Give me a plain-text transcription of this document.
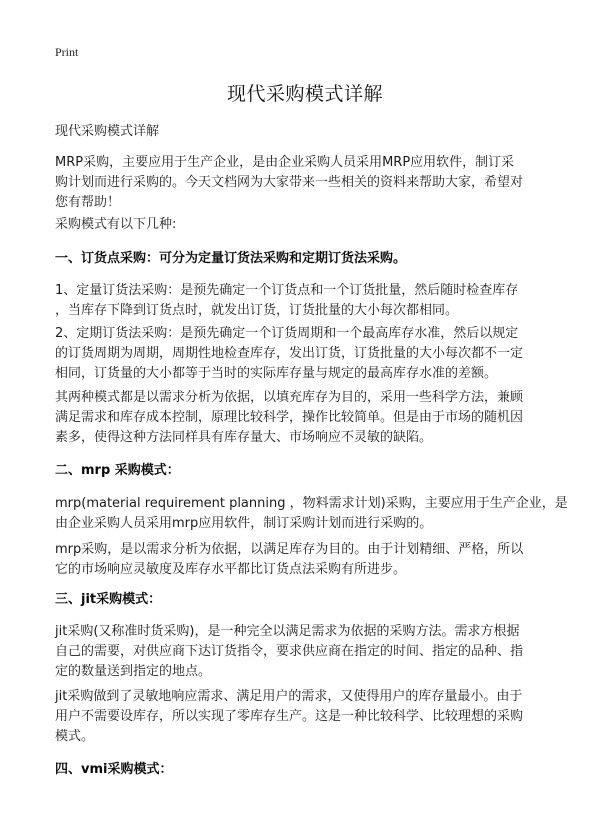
Print
现代采购模式详解
现代采购模式详解
MRP采购，主要应用于生产企业，是由企业采购人员采用MRP应用软件，制订采
购计划而进行采购的。今天文档网为大家带来一些相关的资料来帮助大家，希望对
您有帮助！
采购模式有以下几种:
一、订货点采购：可分为定量订货法采购和定期订货法采购。
1、定量订货法采购：是预先确定一个订货点和一个订货批量，然后随时检查库存
，当库存下降到订货点时，就发出订货，订货批量的大小每次都相同。
2、定期订货法采购：是预先确定一个订货周期和一个最高库存水准，然后以规定
的订货周期为周期，周期性地检查库存，发出订货，订货批量的大小每次都不一定
相同，订货量的大小都等于当时的实际库存量与规定的最高库存水准的差额。
其两种模式都是以需求分析为依据，以填充库存为目的，采用一些科学方法，兼顾
满足需求和库存成本控制，原理比较科学，操作比较简单。但是由于市场的随机因
素多，使得这种方法同样具有库存量大、市场响应不灵敏的缺陷。
二、mrp 采购模式：
mrp(material requirement planning ，物料需求计划)采购，主要应用于生产企业，是
由企业采购人员采用mrp应用软件，制订采购计划而进行采购的。
mrp采购，是以需求分析为依据，以满足库存为目的。由于计划精细、严格，所以
它的市场响应灵敏度及库存水平都比订货点法采购有所进步。
三、jit采购模式：
jit采购(又称准时货采购)，是一种完全以满足需求为依据的采购方法。需求方根据
自己的需要，对供应商下达订货指令，要求供应商在指定的时间、指定的品种、指
定的数量送到指定的地点。
jit采购做到了灵敏地响应需求、满足用户的需求，又使得用户的库存量最小。由于
用户不需要设库存，所以实现了零库存生产。这是一种比较科学、比较理想的采购
模式。
四、vmi采购模式：
